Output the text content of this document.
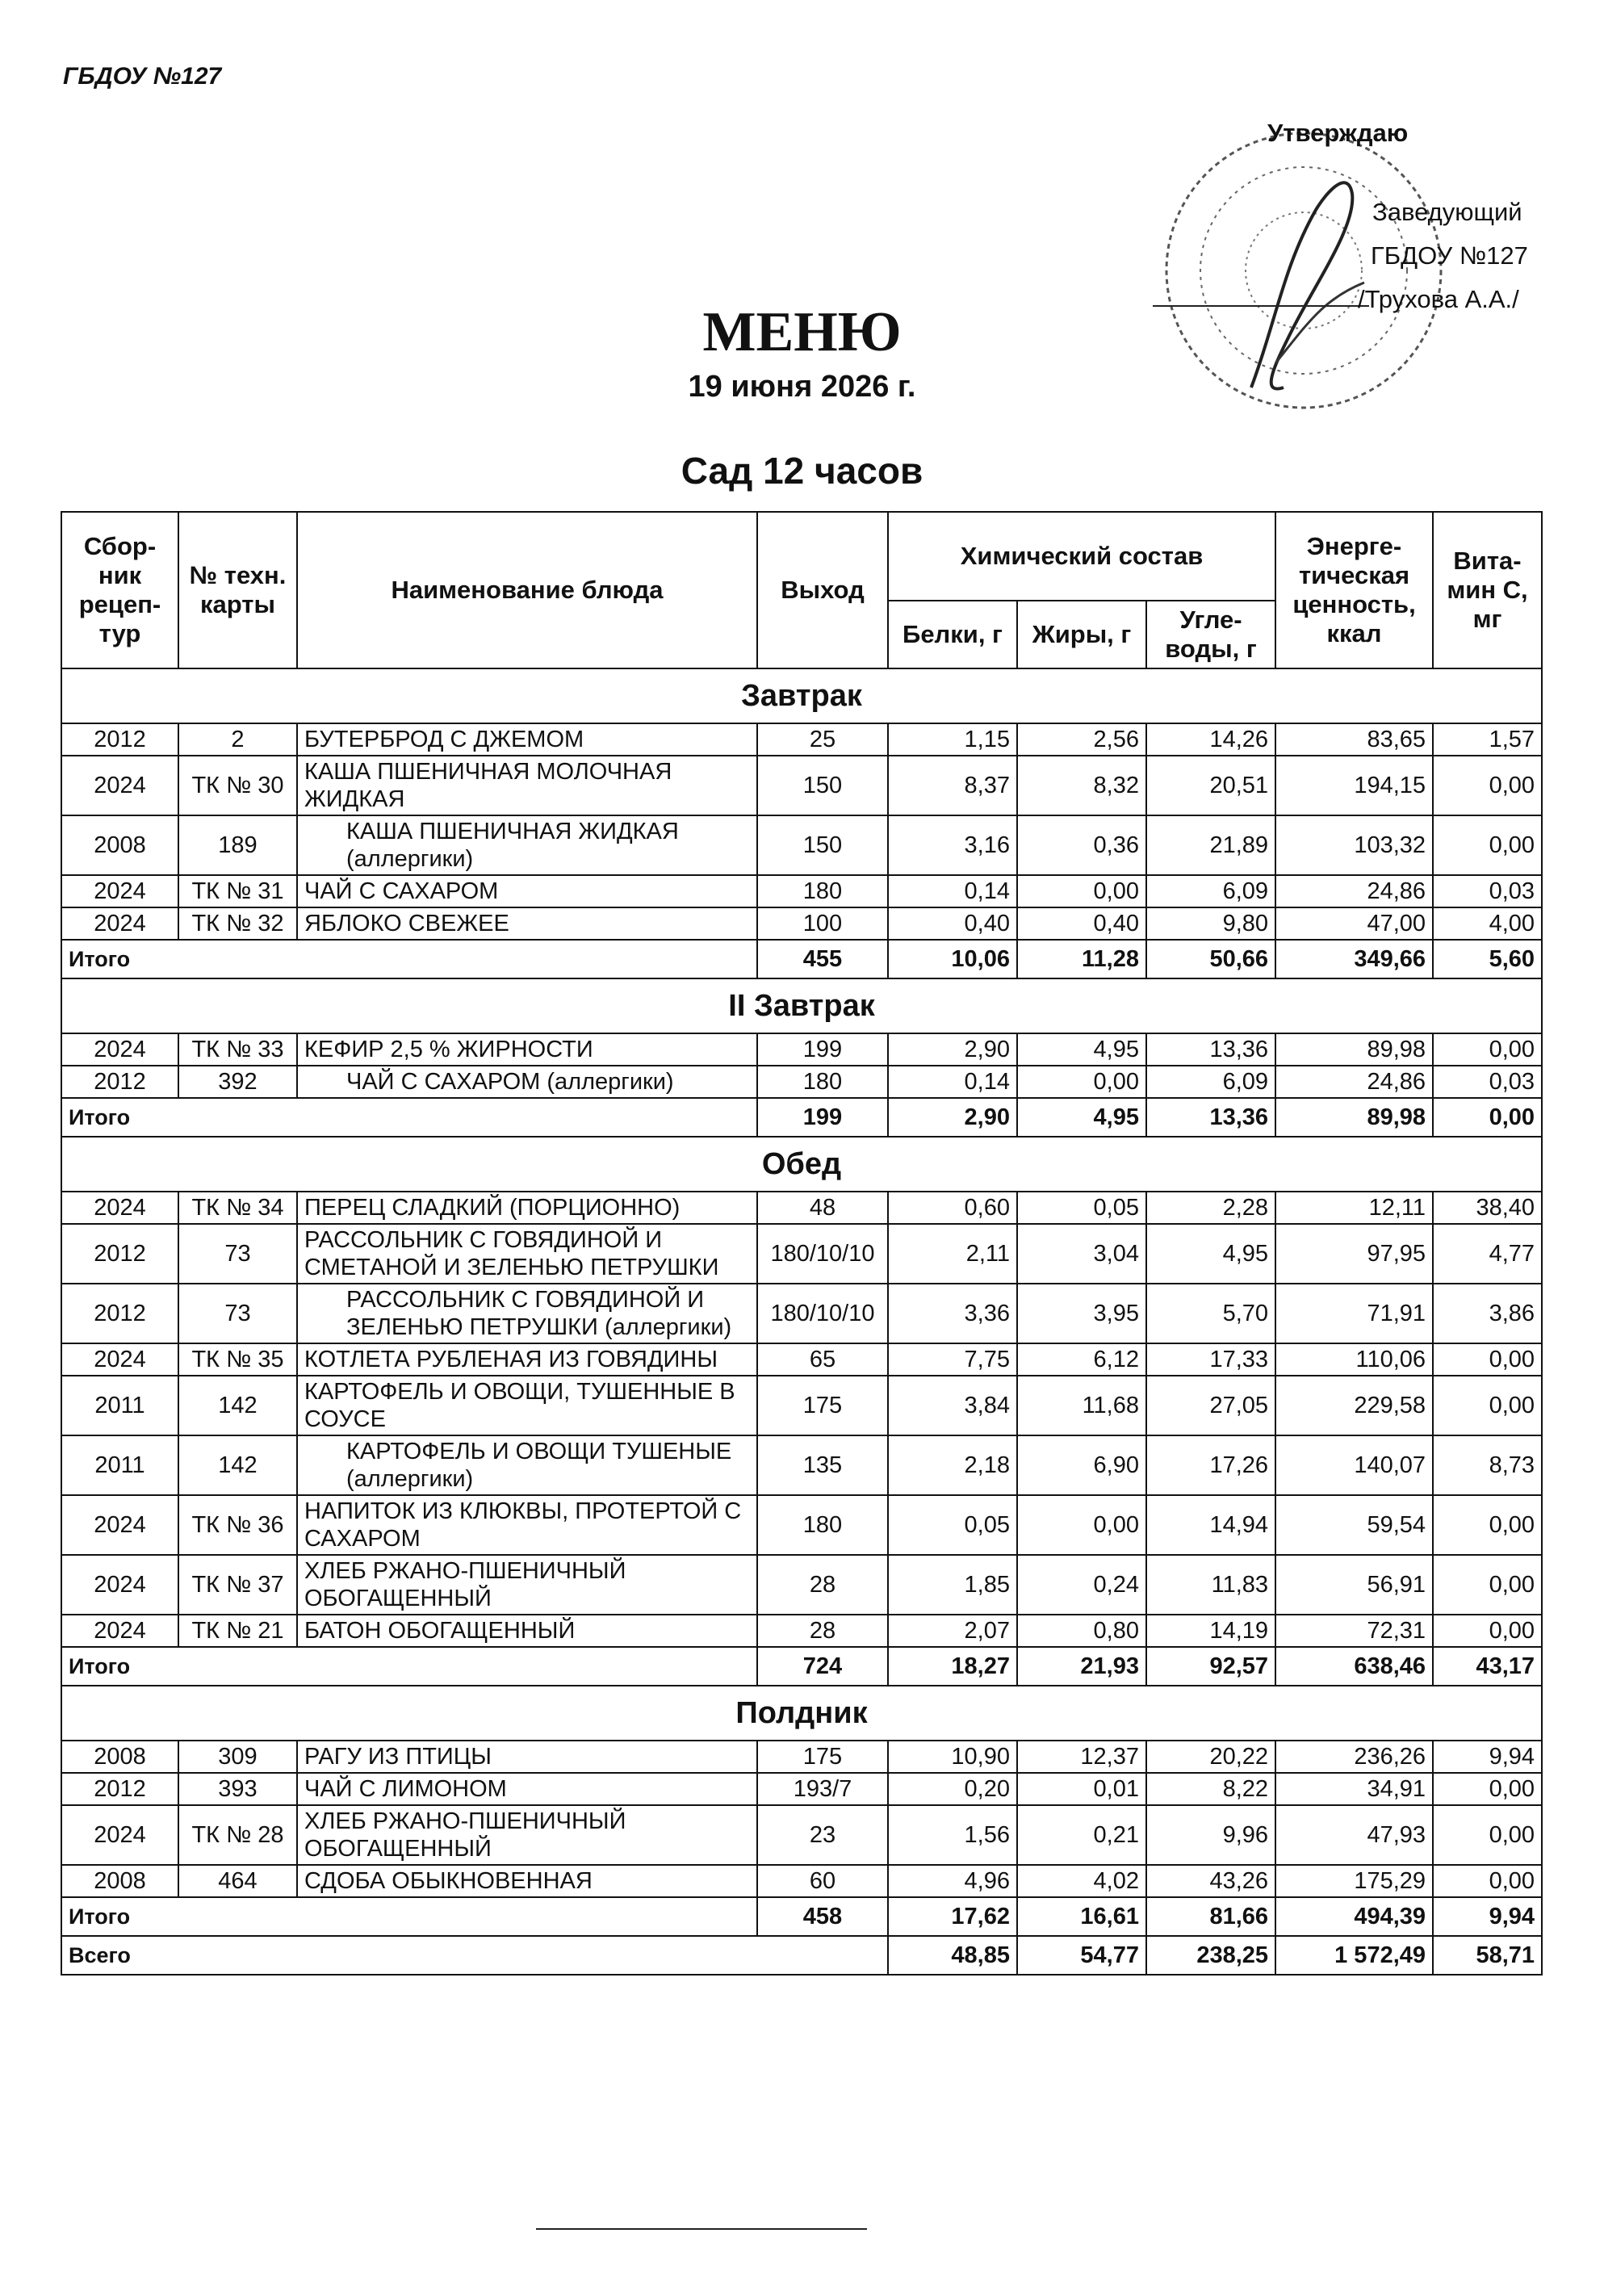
ГБДОУ №127
Утверждаю
Заведующий
ГБДОУ №127
/Трухова А.А./
МЕНЮ
19 июня 2026 г.
Сад 12 часов
Сбор-ник рецеп-тур	№ техн. карты	Наименование блюда	Выход	Химический состав			Энерге-тическая ценность, ккал	Вита-мин С, мг
				Белки, г	Жиры, г	Угле-воды, г		
Завтрак								
2012	2	БУТЕРБРОД С ДЖЕМОМ	25	1,15	2,56	14,26	83,65	1,57
2024	ТК № 30	КАША ПШЕНИЧНАЯ МОЛОЧНАЯ ЖИДКАЯ	150	8,37	8,32	20,51	194,15	0,00
2008	189	КАША ПШЕНИЧНАЯ ЖИДКАЯ (аллергики)	150	3,16	0,36	21,89	103,32	0,00
2024	ТК № 31	ЧАЙ С САХАРОМ	180	0,14	0,00	6,09	24,86	0,03
2024	ТК № 32	ЯБЛОКО СВЕЖЕЕ	100	0,40	0,40	9,80	47,00	4,00
Итого			455	10,06	11,28	50,66	349,66	5,60
II Завтрак								
2024	ТК № 33	КЕФИР 2,5 % ЖИРНОСТИ	199	2,90	4,95	13,36	89,98	0,00
2012	392	ЧАЙ С САХАРОМ (аллергики)	180	0,14	0,00	6,09	24,86	0,03
Итого			199	2,90	4,95	13,36	89,98	0,00
Обед								
2024	ТК № 34	ПЕРЕЦ СЛАДКИЙ (ПОРЦИОННО)	48	0,60	0,05	2,28	12,11	38,40
2012	73	РАССОЛЬНИК С ГОВЯДИНОЙ И СМЕТАНОЙ И ЗЕЛЕНЬЮ ПЕТРУШКИ	180/10/10	2,11	3,04	4,95	97,95	4,77
2012	73	РАССОЛЬНИК С ГОВЯДИНОЙ И ЗЕЛЕНЬЮ ПЕТРУШКИ (аллергики)	180/10/10	3,36	3,95	5,70	71,91	3,86
2024	ТК № 35	КОТЛЕТА РУБЛЕНАЯ ИЗ ГОВЯДИНЫ	65	7,75	6,12	17,33	110,06	0,00
2011	142	КАРТОФЕЛЬ И ОВОЩИ, ТУШЕННЫЕ В СОУСЕ	175	3,84	11,68	27,05	229,58	0,00
2011	142	КАРТОФЕЛЬ И ОВОЩИ ТУШЕНЫЕ (аллергики)	135	2,18	6,90	17,26	140,07	8,73
2024	ТК № 36	НАПИТОК ИЗ КЛЮКВЫ, ПРОТЕРТОЙ С САХАРОМ	180	0,05	0,00	14,94	59,54	0,00
2024	ТК № 37	ХЛЕБ РЖАНО-ПШЕНИЧНЫЙ ОБОГАЩЕННЫЙ	28	1,85	0,24	11,83	56,91	0,00
2024	ТК № 21	БАТОН ОБОГАЩЕННЫЙ	28	2,07	0,80	14,19	72,31	0,00
Итого			724	18,27	21,93	92,57	638,46	43,17
Полдник								
2008	309	РАГУ ИЗ ПТИЦЫ	175	10,90	12,37	20,22	236,26	9,94
2012	393	ЧАЙ С ЛИМОНОМ	193/7	0,20	0,01	8,22	34,91	0,00
2024	ТК № 28	ХЛЕБ РЖАНО-ПШЕНИЧНЫЙ ОБОГАЩЕННЫЙ	23	1,56	0,21	9,96	47,93	0,00
2008	464	СДОБА ОБЫКНОВЕННАЯ	60	4,96	4,02	43,26	175,29	0,00
Итого			458	17,62	16,61	81,66	494,39	9,94
Всего				48,85	54,77	238,25	1 572,49	58,71
